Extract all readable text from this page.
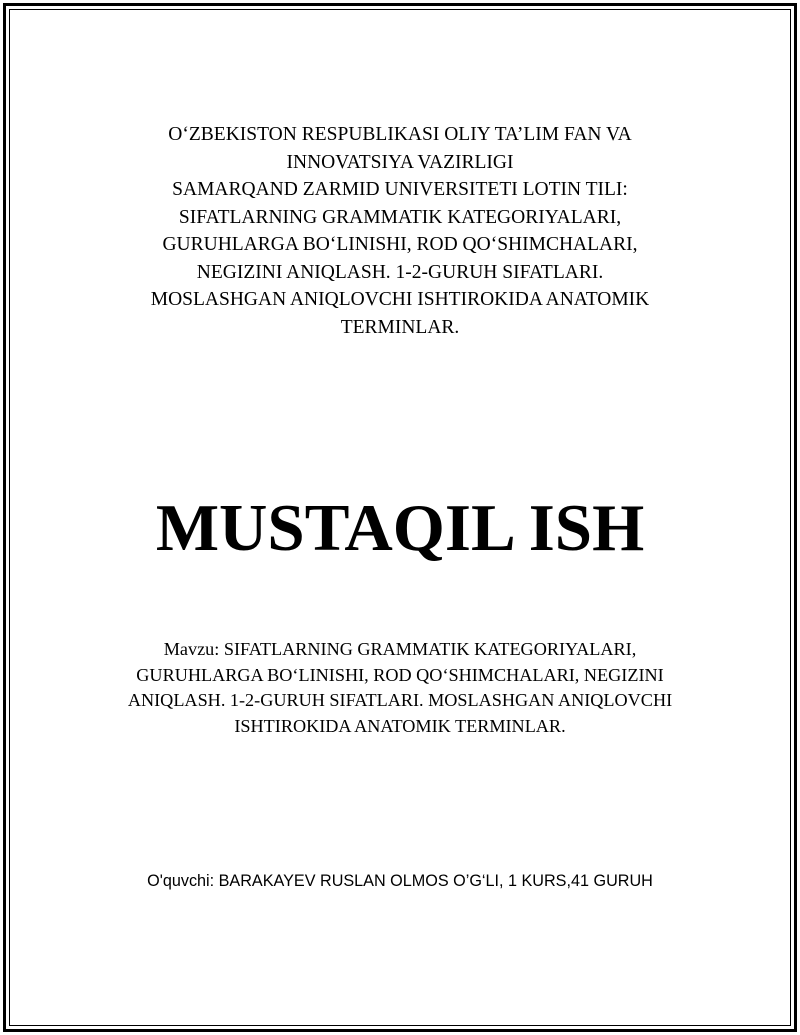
O‘ZBEKISTON RESPUBLIKASI OLIY TA’LIM FAN VA
INNOVATSIYA VAZIRLIGI
SAMARQAND ZARMID UNIVERSITETI LOTIN TILI:
SIFATLARNING GRAMMATIK KATEGORIYALARI,
GURUHLARGA BO‘LINISHI, ROD QO‘SHIMCHALARI,
NEGIZINI ANIQLASH. 1-2-GURUH SIFATLARI.
MOSLASHGAN ANIQLOVCHI ISHTIROKIDA ANATOMIK
TERMINLAR.
MUSTAQIL ISH
Mavzu: SIFATLARNING GRAMMATIK KATEGORIYALARI,
GURUHLARGA BO‘LINISHI, ROD QO‘SHIMCHALARI, NEGIZINI
ANIQLASH. 1-2-GURUH SIFATLARI. MOSLASHGAN ANIQLOVCHI
ISHTIROKIDA ANATOMIK TERMINLAR.
O'quvchi: BARAKAYEV RUSLAN OLMOS O’G‘LI, 1 KURS,41 GURUH
